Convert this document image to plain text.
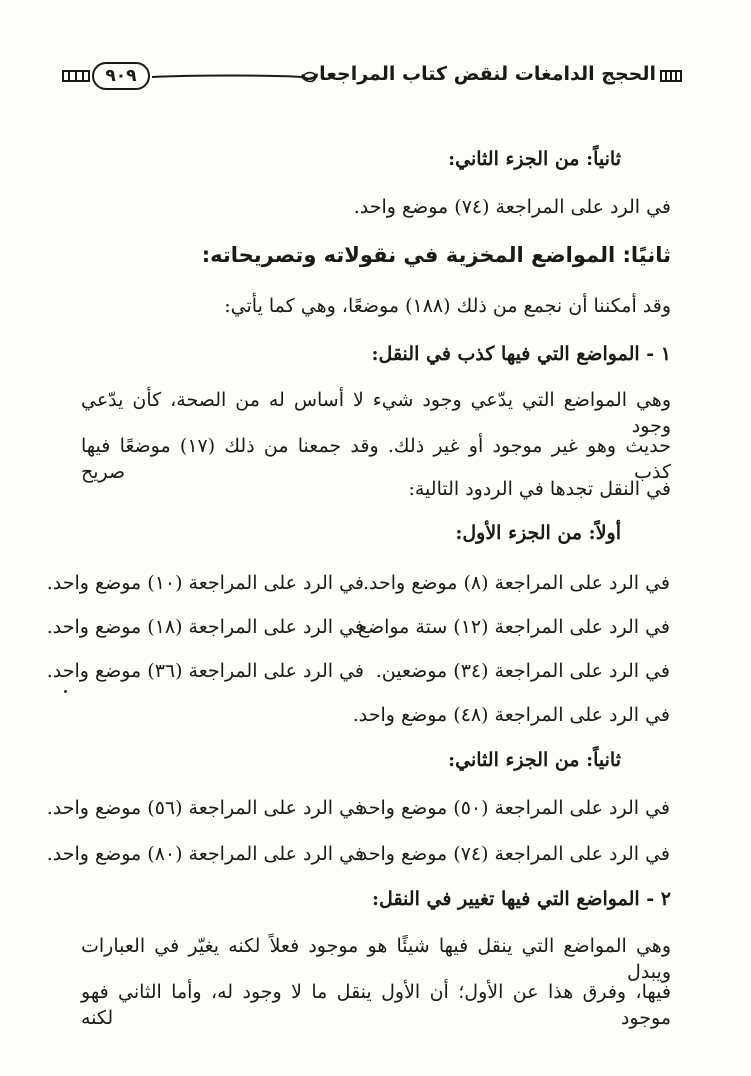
الحجج الدامغات لنقض كتاب المراجعات
٩٠٩
ثانياً: من الجزء الثاني:
في الرد على المراجعة (٧٤) موضع واحد.
ثانيًا: المواضع المخزية في نقولاته وتصريحاته:
وقد أمكننا أن نجمع من ذلك (١٨٨) موضعًا، وهي كما يأتي:
١ - المواضع التي فيها كذب في النقل:
وهي المواضع التي يدّعي وجود شيء لا أساس له من الصحة، كأن يدّعي وجود
حديث وهو غير موجود أو غير ذلك. وقد جمعنا من ذلك (١٧) موضعًا فيها كذب صريح
في النقل تجدها في الردود التالية:
أولاً: من الجزء الأول:
في الرد على المراجعة (٨) موضع واحد.
في الرد على المراجعة (١٠) موضع واحد.
في الرد على المراجعة (١٢) ستة مواضع.
في الرد على المراجعة (١٨) موضع واحد.
في الرد على المراجعة (٣٤) موضعين.
في الرد على المراجعة (٣٦) موضع واحد.
في الرد على المراجعة (٤٨) موضع واحد.
ثانياً: من الجزء الثاني:
في الرد على المراجعة (٥٠) موضع واحد.
في الرد على المراجعة (٥٦) موضع واحد.
في الرد على المراجعة (٧٤) موضع واحد.
في الرد على المراجعة (٨٠) موضع واحد.
٢ - المواضع التي فيها تغيير في النقل:
وهي المواضع التي ينقل فيها شيئًا هو موجود فعلاً لكنه يغيّر في العبارات ويبدل
فيها، وفرق هذا عن الأول؛ أن الأول ينقل ما لا وجود له، وأما الثاني فهو موجود لكنه
